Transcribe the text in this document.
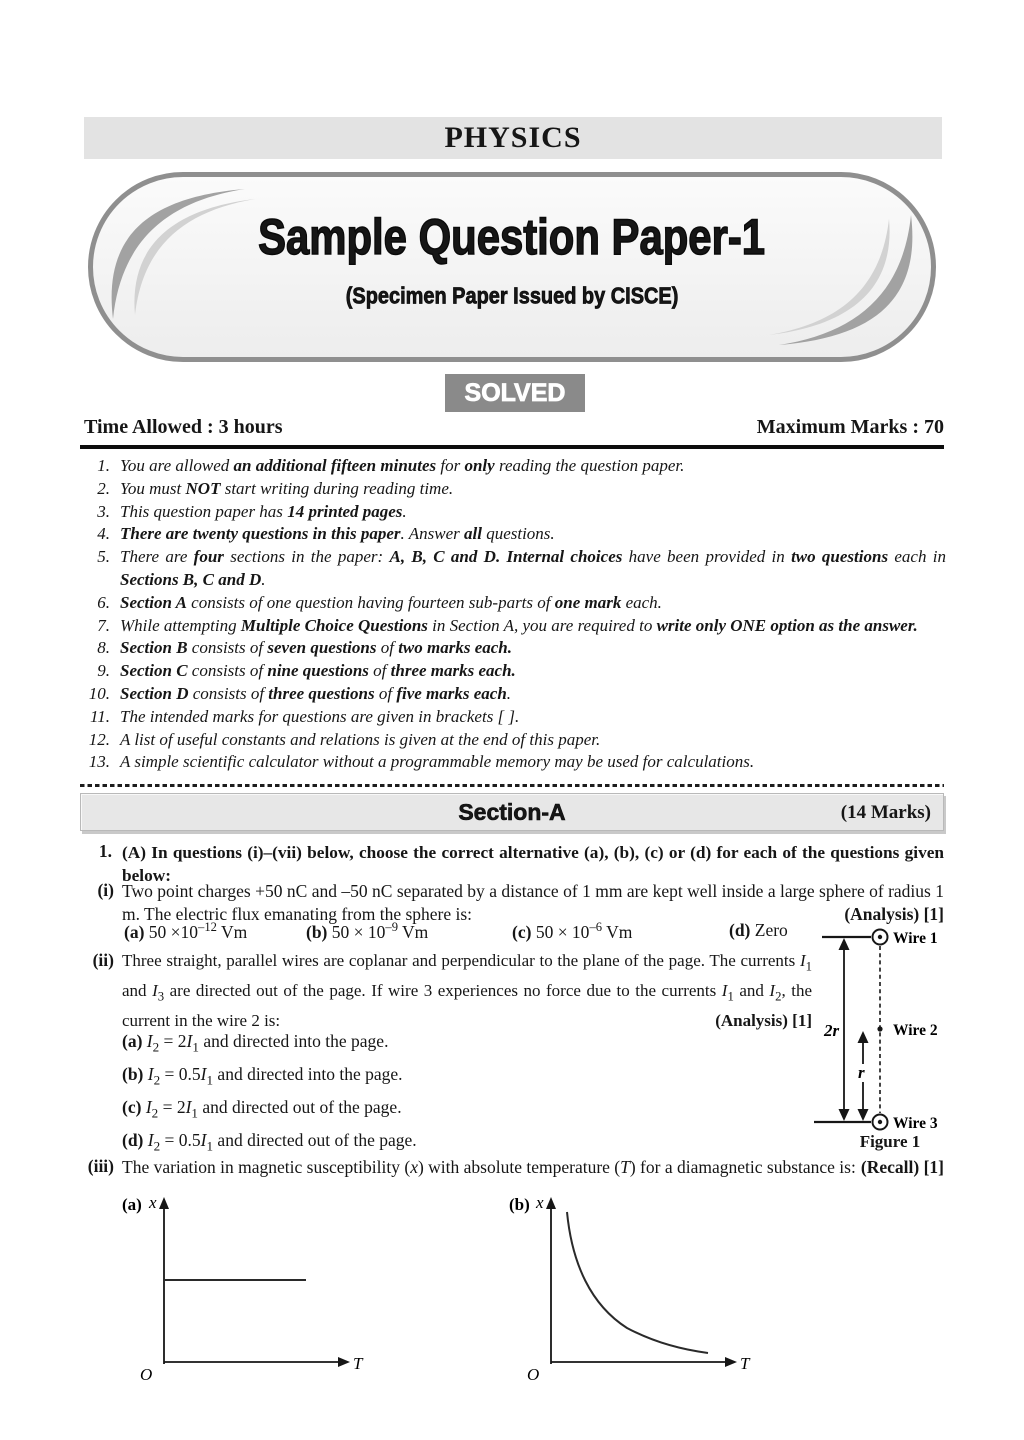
PHYSICS
Sample Question Paper-1
(Specimen Paper Issued by CISCE)
SOLVED
Time Allowed : 3 hours	Maximum Marks : 70
1. You are allowed an additional fifteen minutes for only reading the question paper.
2. You must NOT start writing during reading time.
3. This question paper has 14 printed pages.
4. There are twenty questions in this paper. Answer all questions.
5. There are four sections in the paper: A, B, C and D. Internal choices have been provided in two questions each in Sections B, C and D.
6. Section A consists of one question having fourteen sub-parts of one mark each.
7. While attempting Multiple Choice Questions in Section A, you are required to write only ONE option as the answer.
8. Section B consists of seven questions of two marks each.
9. Section C consists of nine questions of three marks each.
10. Section D consists of three questions of five marks each.
11. The intended marks for questions are given in brackets [ ].
12. A list of useful constants and relations is given at the end of this paper.
13. A simple scientific calculator without a programmable memory may be used for calculations.
Section-A	(14 Marks)
1. (A) In questions (i)–(vii) below, choose the correct alternative (a), (b), (c) or (d) for each of the questions given below:
(i) Two point charges +50 nC and –50 nC separated by a distance of 1 mm are kept well inside a large sphere of radius 1 m. The electric flux emanating from the sphere is:	(Analysis) [1]
(a) $50 \times 10^{-12}$ Vm	(b) $50 \times 10^{-9}$ Vm	(c) $50 \times 10^{-6}$ Vm	(d) Zero
(ii) Three straight, parallel wires are coplanar and perpendicular to the plane of the page. The currents $I_1$ and $I_3$ are directed out of the page. If wire 3 experiences no force due to the currents $I_1$ and $I_2$, the current in the wire 2 is:	(Analysis) [1]
(a) $I_2 = 2I_1$ and directed into the page.
(b) $I_2 = 0.5I_1$ and directed into the page.
(c) $I_2 = 2I_1$ and directed out of the page.
(d) $I_2 = 0.5I_1$ and directed out of the page.
2r
r
Wire 1
Wire 2
Wire 3
Figure 1
(iii) The variation in magnetic susceptibility (x) with absolute temperature (T) for a diamagnetic substance is: (Recall) [1]
(a) x
O
T
(b) x
O
T
